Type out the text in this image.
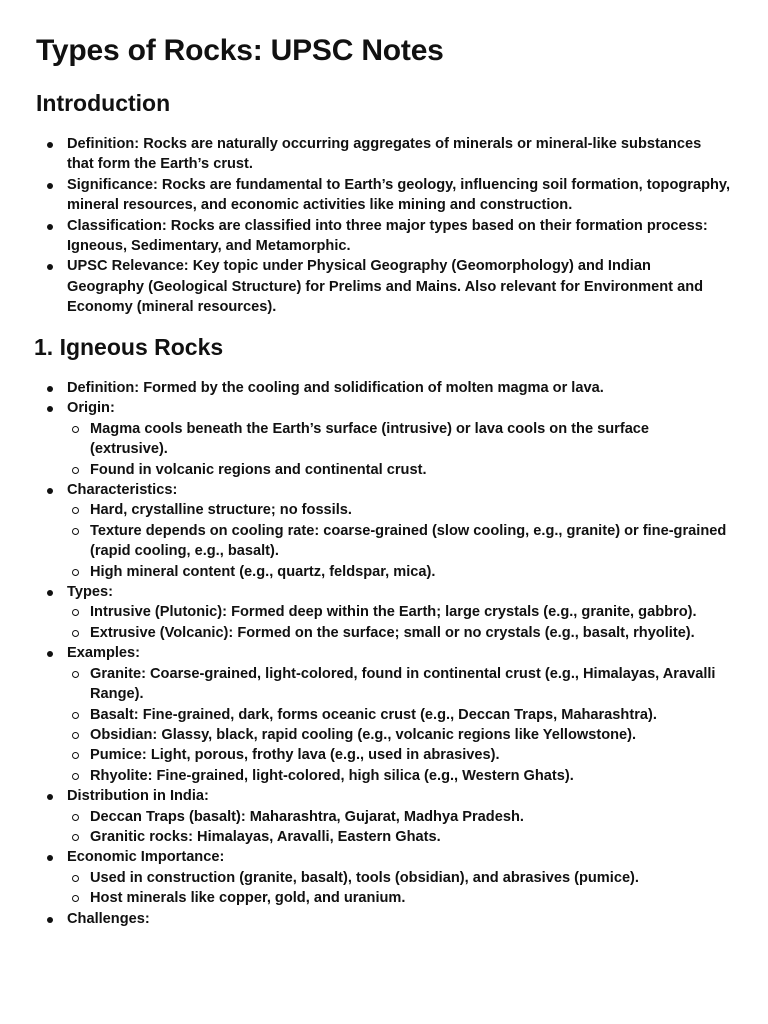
Types of Rocks: UPSC Notes
Introduction
Definition: Rocks are naturally occurring aggregates of minerals or mineral-like substances that form the Earth’s crust.
Significance: Rocks are fundamental to Earth’s geology, influencing soil formation, topography, mineral resources, and economic activities like mining and construction.
Classification: Rocks are classified into three major types based on their formation process: Igneous, Sedimentary, and Metamorphic.
UPSC Relevance: Key topic under Physical Geography (Geomorphology) and Indian Geography (Geological Structure) for Prelims and Mains. Also relevant for Environment and Economy (mineral resources).
1. Igneous Rocks
Definition: Formed by the cooling and solidification of molten magma or lava.
Origin:
Magma cools beneath the Earth’s surface (intrusive) or lava cools on the surface (extrusive).
Found in volcanic regions and continental crust.
Characteristics:
Hard, crystalline structure; no fossils.
Texture depends on cooling rate: coarse-grained (slow cooling, e.g., granite) or fine-grained (rapid cooling, e.g., basalt).
High mineral content (e.g., quartz, feldspar, mica).
Types:
Intrusive (Plutonic): Formed deep within the Earth; large crystals (e.g., granite, gabbro).
Extrusive (Volcanic): Formed on the surface; small or no crystals (e.g., basalt, rhyolite).
Examples:
Granite: Coarse-grained, light-colored, found in continental crust (e.g., Himalayas, Aravalli Range).
Basalt: Fine-grained, dark, forms oceanic crust (e.g., Deccan Traps, Maharashtra).
Obsidian: Glassy, black, rapid cooling (e.g., volcanic regions like Yellowstone).
Pumice: Light, porous, frothy lava (e.g., used in abrasives).
Rhyolite: Fine-grained, light-colored, high silica (e.g., Western Ghats).
Distribution in India:
Deccan Traps (basalt): Maharashtra, Gujarat, Madhya Pradesh.
Granitic rocks: Himalayas, Aravalli, Eastern Ghats.
Economic Importance:
Used in construction (granite, basalt), tools (obsidian), and abrasives (pumice).
Host minerals like copper, gold, and uranium.
Challenges:
